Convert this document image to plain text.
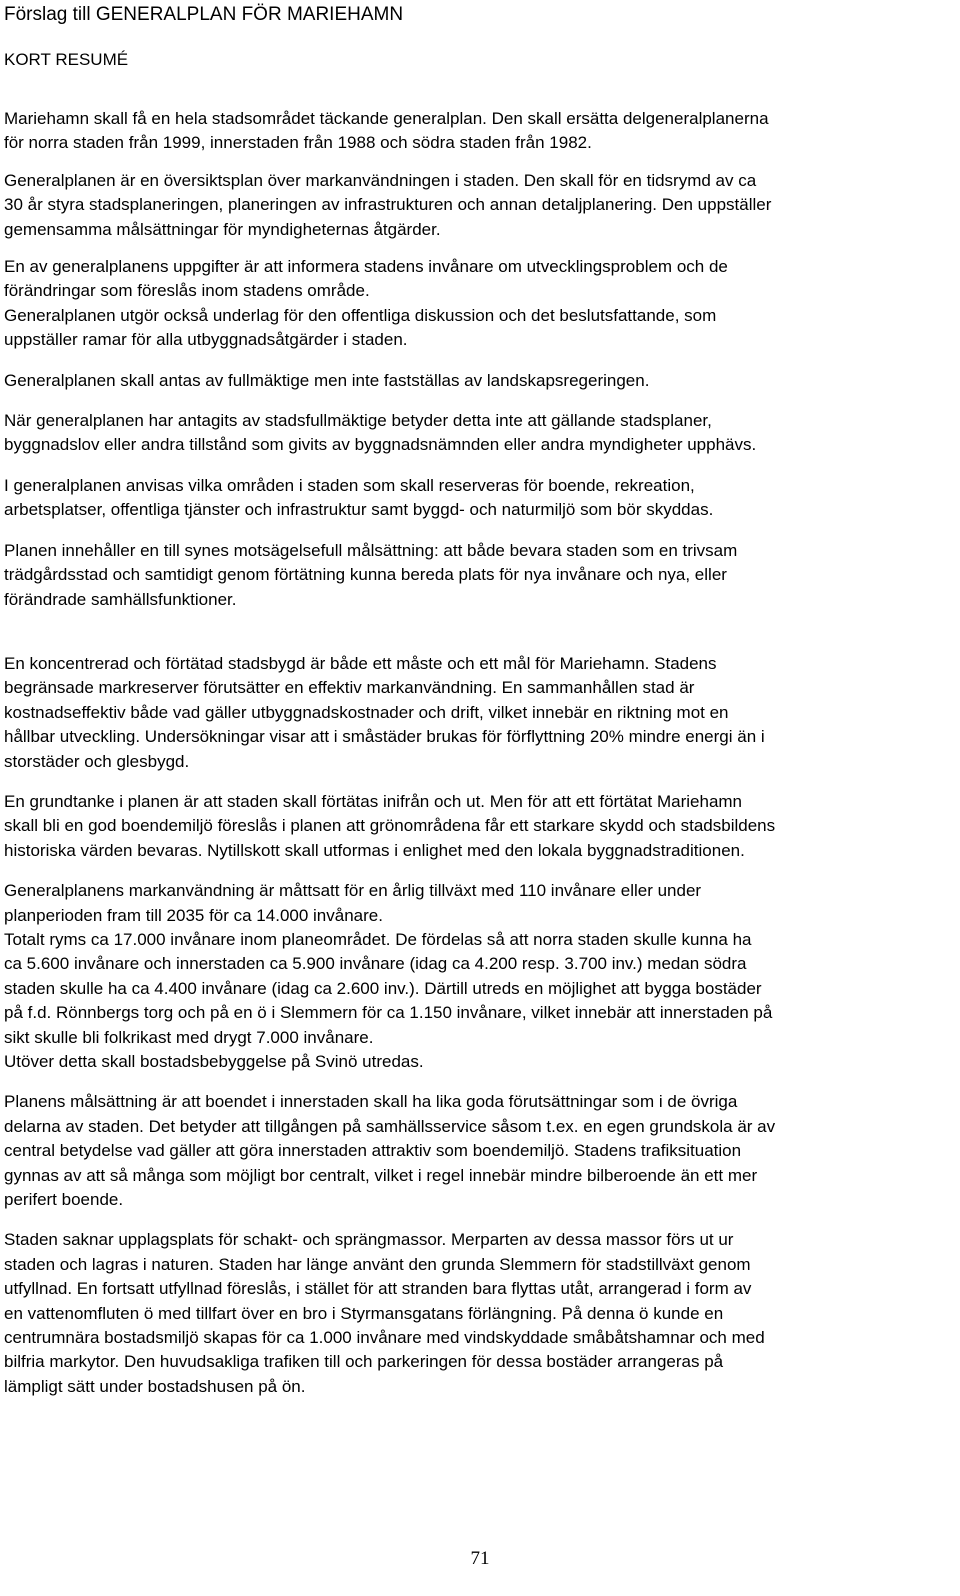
Förslag till GENERALPLAN FÖR MARIEHAMN
KORT RESUMÉ

Mariehamn skall få en hela stadsområdet täckande generalplan. Den skall ersätta delgeneralplanerna
för norra staden från 1999, innerstaden från 1988 och södra staden från 1982.

Generalplanen är en översiktsplan över markanvändningen i staden. Den skall för en tidsrymd av ca
30 år styra stadsplaneringen, planeringen av infrastrukturen och annan detaljplanering. Den uppställer
gemensamma målsättningar för myndigheternas åtgärder.

En av generalplanens uppgifter är att informera stadens invånare om utvecklingsproblem och de
förändringar som föreslås inom stadens område.

Generalplanen utgör också underlag för den offentliga diskussion och det beslutsfattande, som
uppställer ramar för alla utbyggnadsåtgärder i staden.

Generalplanen skall antas av fullmäktige men inte fastställas av landskapsregeringen.

När generalplanen har antagits av stadsfullmäktige betyder detta inte att gällande stadsplaner,
byggnadslov eller andra tillstånd som givits av byggnadsnämnden eller andra myndigheter upphävs.

I generalplanen anvisas vilka områden i staden som skall reserveras för boende, rekreation,
arbetsplatser, offentliga tjänster och infrastruktur samt byggd- och naturmiljö som bör skyddas.

Planen innehåller en till synes motsägelsefull målsättning: att både bevara staden som en trivsam
trädgårdsstad och samtidigt genom förtätning kunna bereda plats för nya invånare och nya, eller
förändrade samhällsfunktioner.

En koncentrerad och förtätad stadsbygd är både ett måste och ett mål för Mariehamn. Stadens
begränsade markreserver förutsätter en effektiv markanvändning. En sammanhållen stad är
kostnadseffektiv både vad gäller utbyggnadskostnader och drift, vilket innebär en riktning mot en
hållbar utveckling. Undersökningar visar att i småstäder brukas för förflyttning 20% mindre energi än i
storstäder och glesbygd.

En grundtanke i planen är att staden skall förtätas inifrån och ut. Men för att ett förtätat Mariehamn
skall bli en god boendemiljö föreslås i planen att grönområdena får ett starkare skydd och stadsbildens
historiska värden bevaras. Nytillskott skall utformas i enlighet med den lokala byggnadstraditionen.

Generalplanens markanvändning är måttsatt för en årlig tillväxt med 110 invånare eller under
planperioden fram till 2035 för ca 14.000 invånare.

Totalt ryms ca 17.000 invånare inom planeområdet. De fördelas så att norra staden skulle kunna ha
ca 5.600 invånare och innerstaden ca 5.900 invånare (idag ca 4.200 resp. 3.700 inv.) medan södra
staden skulle ha ca 4.400 invånare (idag ca 2.600 inv.). Därtill utreds en möjlighet att bygga bostäder
på f.d. Rönnbergs torg och på en ö i Slemmern för ca 1.150 invånare, vilket innebär att innerstaden på
sikt skulle bli folkrikast med drygt 7.000 invånare.

Utöver detta skall bostadsbebyggelse på Svinö utredas.

Planens målsättning är att boendet i innerstaden skall ha lika goda förutsättningar som i de övriga
delarna av staden. Det betyder att tillgången på samhällsservice såsom t.ex. en egen grundskola är av
central betydelse vad gäller att göra innerstaden attraktiv som boendemiljö. Stadens trafiksituation
gynnas av att så många som möjligt bor centralt, vilket i regel innebär mindre bilberoende än ett mer
perifert boende.

Staden saknar upplagsplats för schakt- och sprängmassor. Merparten av dessa massor förs ut ur
staden och lagras i naturen. Staden har länge använt den grunda Slemmern för stadstillväxt genom
utfyllnad. En fortsatt utfyllnad föreslås, i stället för att stranden bara flyttas utåt, arrangerad i form av
en vattenomfluten ö med tillfart över en bro i Styrmansgatans förlängning. På denna ö kunde en
centrumnära bostadsmiljö skapas för ca 1.000 invånare med vindskyddade småbåtshamnar och med
bilfria markytor. Den huvudsakliga trafiken till och parkeringen för dessa bostäder arrangeras på
lämpligt sätt under bostadshusen på ön.

71
